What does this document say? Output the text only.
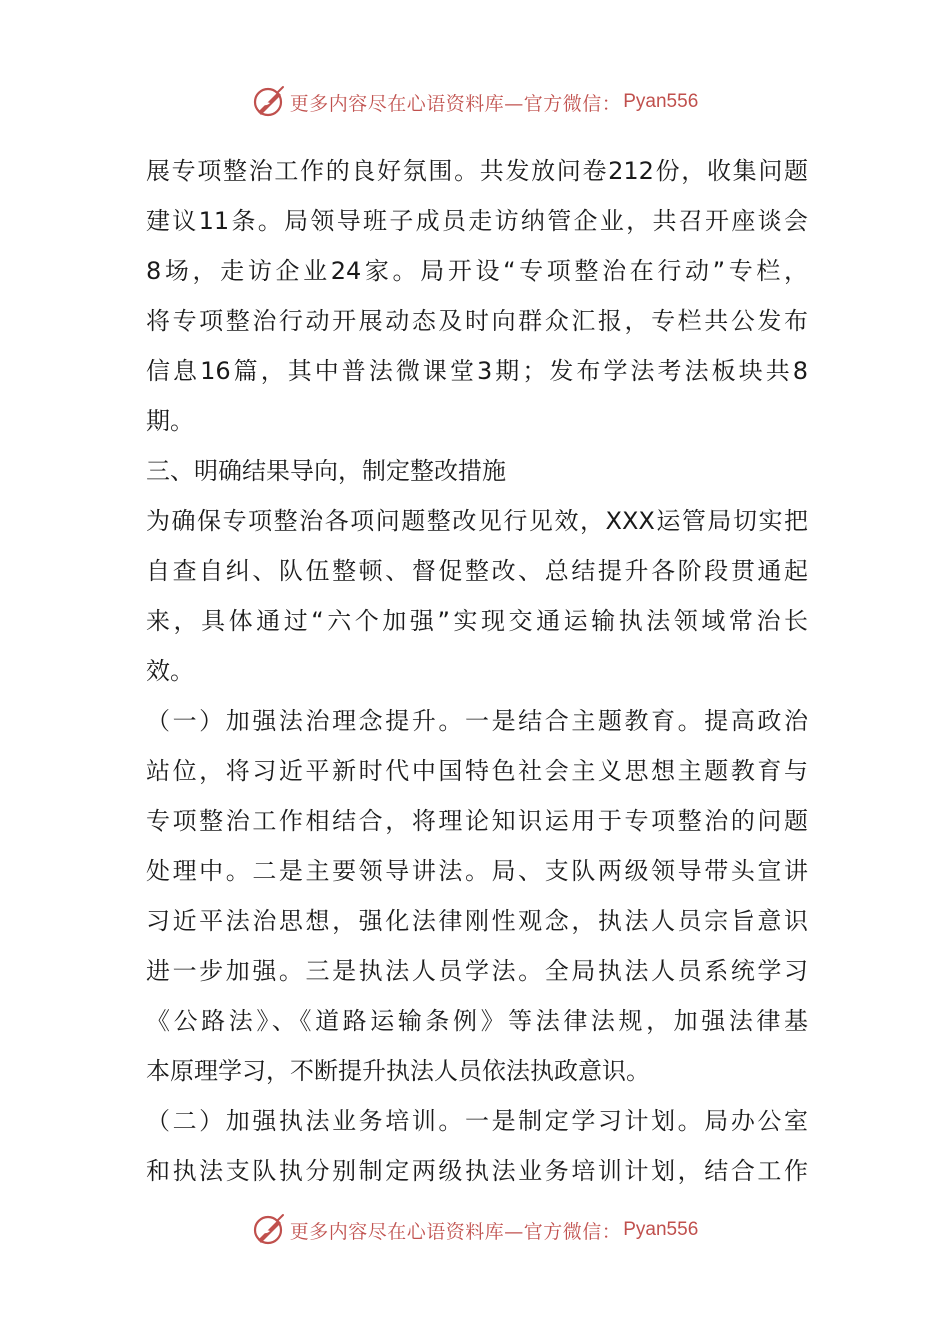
更多内容尽在心语资料库—官方微信： Pyan556
展专项整治工作的良好氛围。共发放问卷212份，收集问题
建议11条。局领导班子成员走访纳管企业，共召开座谈会
8场，走访企业24家。局开设“专项整治在行动”专栏，
将专项整治行动开展动态及时向群众汇报，专栏共公发布
信息16篇，其中普法微课堂3期；发布学法考法板块共8
期。
三、明确结果导向，制定整改措施
为确保专项整治各项问题整改见行见效，XXX运管局切实把
自查自纠、队伍整顿、督促整改、总结提升各阶段贯通起
来，具体通过“六个加强”实现交通运输执法领域常治长
效。
（一）加强法治理念提升。一是结合主题教育。提高政治
站位，将习近平新时代中国特色社会主义思想主题教育与
专项整治工作相结合，将理论知识运用于专项整治的问题
处理中。二是主要领导讲法。局、支队两级领导带头宣讲
习近平法治思想，强化法律刚性观念，执法人员宗旨意识
进一步加强。三是执法人员学法。全局执法人员系统学习
《公路法》、《道路运输条例》等法律法规，加强法律基
本原理学习，不断提升执法人员依法执政意识。
（二）加强执法业务培训。一是制定学习计划。局办公室
和执法支队执分别制定两级执法业务培训计划，结合工作
更多内容尽在心语资料库—官方微信： Pyan556
